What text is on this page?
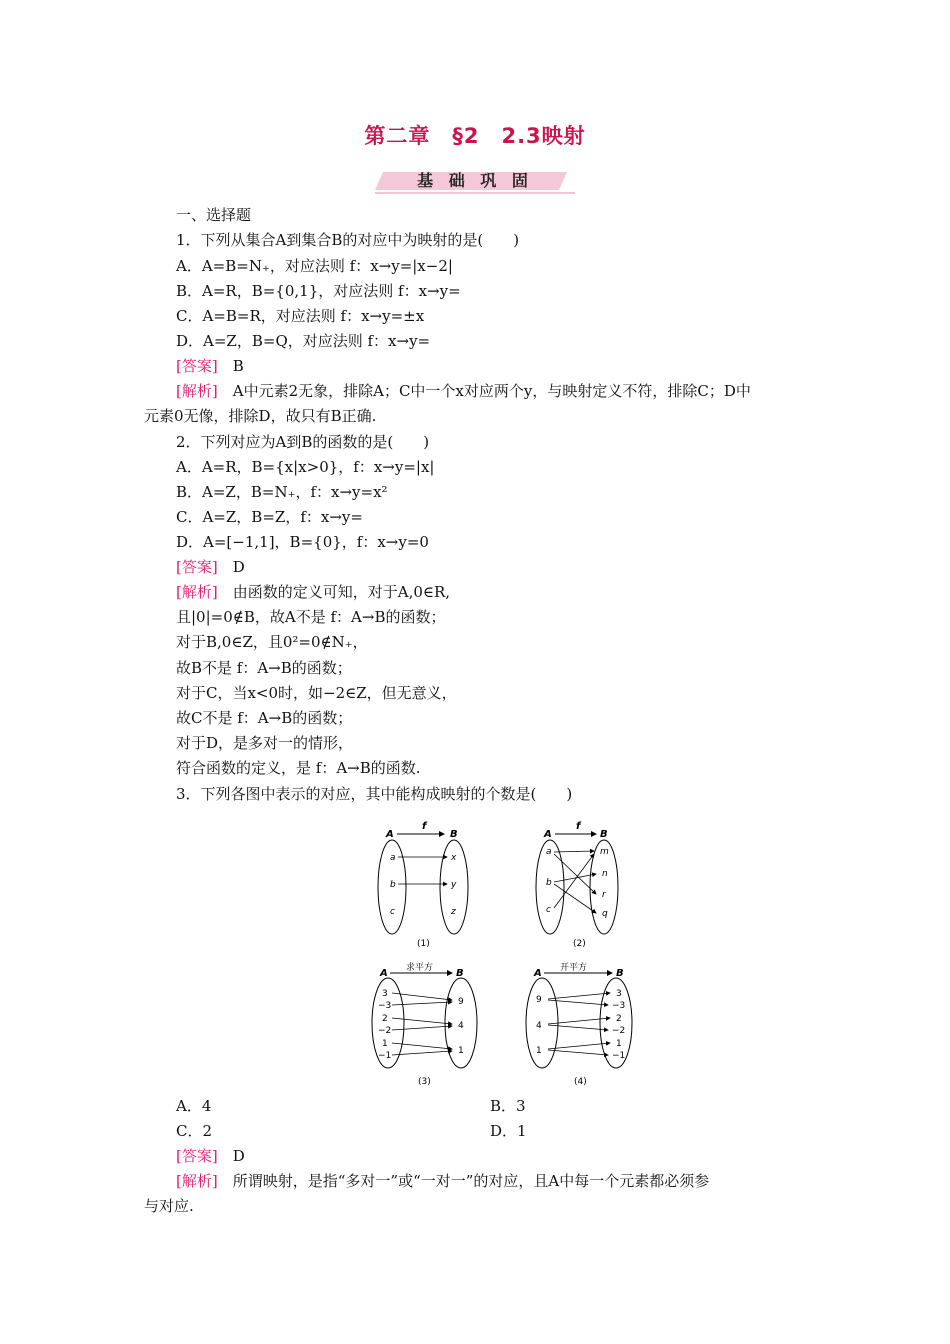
第二章　§2　2.3映射
基 础 巩 固
一、选择题
1．下列从集合A到集合B的对应中为映射的是(　　)
A．A=B=N₊，对应法则 f：x→y=|x−2|
B．A=R，B={0,1}，对应法则 f：x→y=
C．A=B=R，对应法则 f：x→y=±x
D．A=Z，B=Q，对应法则 f：x→y=
[答案]　 B
[解析]　 A中元素2无象，排除A；C中一个x对应两个y，与映射定义不符，排除C；D中
元素0无像，排除D，故只有B正确.
2．下列对应为A到B的函数的是(　　)
A．A=R，B={x|x>0}，f：x→y=|x|
B．A=Z，B=N₊，f：x→y=x²
C．A=Z，B=Z，f：x→y=
D．A=[−1,1]，B={0}，f：x→y=0
[答案]　 D
[解析]　 由函数的定义可知，对于A,0∈R,
且|0|=0∉B，故A不是 f：A→B的函数；
对于B,0∈Z，且0²=0∉N₊，
故B不是 f：A→B的函数；
对于C，当x<0时，如−2∈Z，但无意义，
故C不是 f：A→B的函数；
对于D，是多对一的情形，
符合函数的定义，是 f：A→B的函数.
3．下列各图中表示的对应，其中能构成映射的个数是(　　)
A
f
B
a
b
c
x
y
z
(1)
A
f
B
a
b
c
m
n
r
q
(2)
A 求平方 B
3
−3
2
−2
1
−1
9
4
1
(3)
A 开平方	B
9
4
1
3
−3
2
−2
1
−1
(4)
A．4	B．3
C．2	D．1
[答案]　 D
[解析]　 所谓映射，是指“多对一”或“一对一”的对应，且A中每一个元素都必须参
与对应.
